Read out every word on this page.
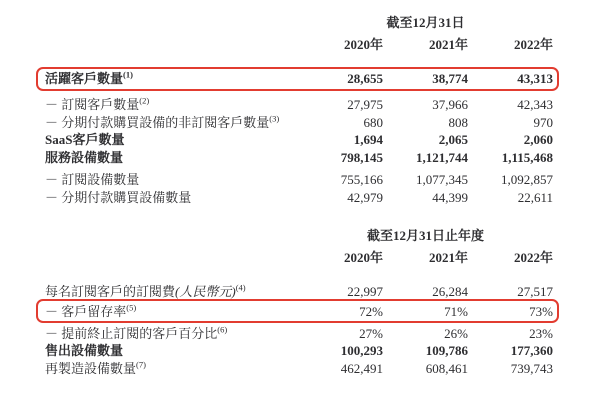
截至12月31日
2020年	2021年	2022年
活躍客戶數量$^{(1)}$	28,655	38,774	43,313
－ 訂閱客戶數量$^{(2)}$	27,975	37,966	42,343
－ 分期付款購買設備的非訂閱客戶數量$^{(3)}$	680	808	970
SaaS客戶數量	1,694	2,065	2,060
服務設備數量	798,145	1,121,744	1,115,468
－ 訂閱設備數量	755,166	1,077,345	1,092,857
－ 分期付款購買設備數量	42,979	44,399	22,611
截至12月31日止年度
2020年	2021年	2022年
每名訂閱客戶的訂閱費(人民幣元)$^{(4)}$	22,997	26,284	27,517
－ 客戶留存率$^{(5)}$	72%	71%	73%
－ 提前終止訂閱的客戶百分比$^{(6)}$	27%	26%	23%
售出設備數量	100,293	109,786	177,360
再製造設備數量$^{(7)}$	462,491	608,461	739,743
